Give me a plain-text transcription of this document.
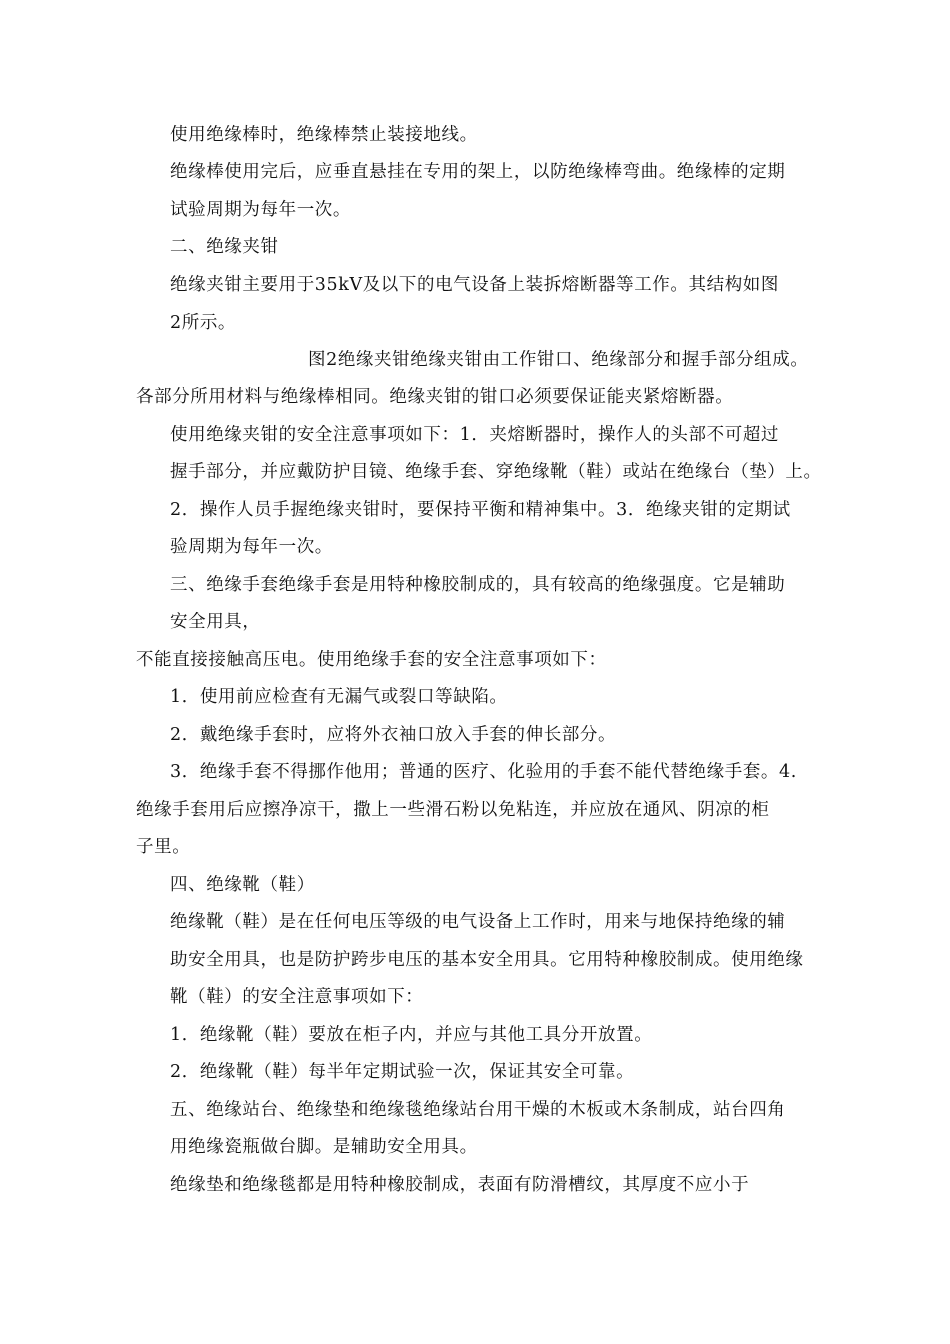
使用绝缘棒时，绝缘棒禁止装接地线。
绝缘棒使用完后，应垂直悬挂在专用的架上，以防绝缘棒弯曲。绝缘棒的定期
试验周期为每年一次。
二、绝缘夹钳
绝缘夹钳主要用于35kV及以下的电气设备上装拆熔断器等工作。其结构如图
2所示。
图2绝缘夹钳绝缘夹钳由工作钳口、绝缘部分和握手部分组成。
各部分所用材料与绝缘棒相同。绝缘夹钳的钳口必须要保证能夹紧熔断器。
使用绝缘夹钳的安全注意事项如下：1．夹熔断器时，操作人的头部不可超过
握手部分，并应戴防护目镜、绝缘手套、穿绝缘靴（鞋）或站在绝缘台（垫）上。
2．操作人员手握绝缘夹钳时，要保持平衡和精神集中。3．绝缘夹钳的定期试
验周期为每年一次。
三、绝缘手套绝缘手套是用特种橡胶制成的，具有较高的绝缘强度。它是辅助
安全用具，
不能直接接触高压电。使用绝缘手套的安全注意事项如下：
1．使用前应检查有无漏气或裂口等缺陷。
2．戴绝缘手套时，应将外衣袖口放入手套的伸长部分。
3．绝缘手套不得挪作他用；普通的医疗、化验用的手套不能代替绝缘手套。4.
绝缘手套用后应擦净凉干，撒上一些滑石粉以免粘连，并应放在通风、阴凉的柜
子里。
四、绝缘靴（鞋）
绝缘靴（鞋）是在任何电压等级的电气设备上工作时，用来与地保持绝缘的辅
助安全用具，也是防护跨步电压的基本安全用具。它用特种橡胶制成。使用绝缘
靴（鞋）的安全注意事项如下：
1．绝缘靴（鞋）要放在柜子内，并应与其他工具分开放置。
2．绝缘靴（鞋）每半年定期试验一次，保证其安全可靠。
五、绝缘站台、绝缘垫和绝缘毯绝缘站台用干燥的木板或木条制成，站台四角
用绝缘瓷瓶做台脚。是辅助安全用具。
绝缘垫和绝缘毯都是用特种橡胶制成，表面有防滑槽纹，其厚度不应小于
